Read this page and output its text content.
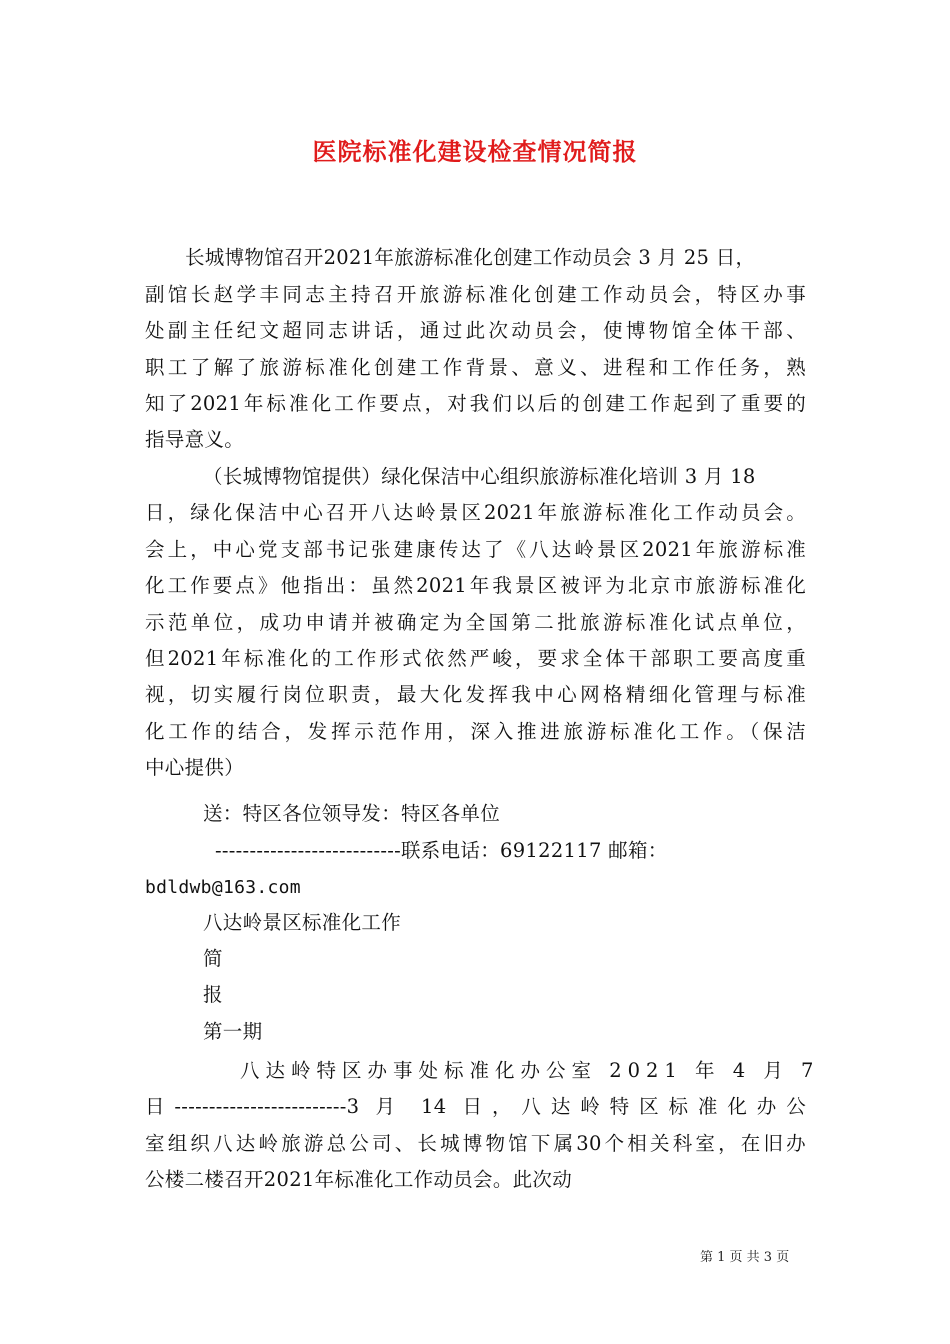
医院标准化建设检查情况简报
长城博物馆召开2021年旅游标准化创建工作动员会 3 月 25 日，
副馆长赵学丰同志主持召开旅游标准化创建工作动员会，特区办事
处副主任纪文超同志讲话，通过此次动员会，使博物馆全体干部、
职工了解了旅游标准化创建工作背景、意义、进程和工作任务，熟
知了2021年标准化工作要点，对我们以后的创建工作起到了重要的
指导意义。
（长城博物馆提供）绿化保洁中心组织旅游标准化培训 3 月 18
日，绿化保洁中心召开八达岭景区2021年旅游标准化工作动员会。
会上，中心党支部书记张建康传达了《八达岭景区2021年旅游标准
化工作要点》他指出：虽然2021年我景区被评为北京市旅游标准化
示范单位，成功申请并被确定为全国第二批旅游标准化试点单位，
但2021年标准化的工作形式依然严峻，要求全体干部职工要高度重
视，切实履行岗位职责，最大化发挥我中心网格精细化管理与标准
化工作的结合，发挥示范作用，深入推进旅游标准化工作。（保洁
中心提供）
送：特区各位领导发：特区各单位
---------------------------联系电话：69122117 邮箱：
bdldwb@163.com
八达岭景区标准化工作
简
报
第一期
八达岭特区办事处标准化办公室 2021 年 4 月 7
日-------------------------3 月 14 日，八达岭特区标准化办公
室组织八达岭旅游总公司、长城博物馆下属30个相关科室，在旧办
公楼二楼召开2021年标准化工作动员会。此次动
第 1 页 共 3 页
